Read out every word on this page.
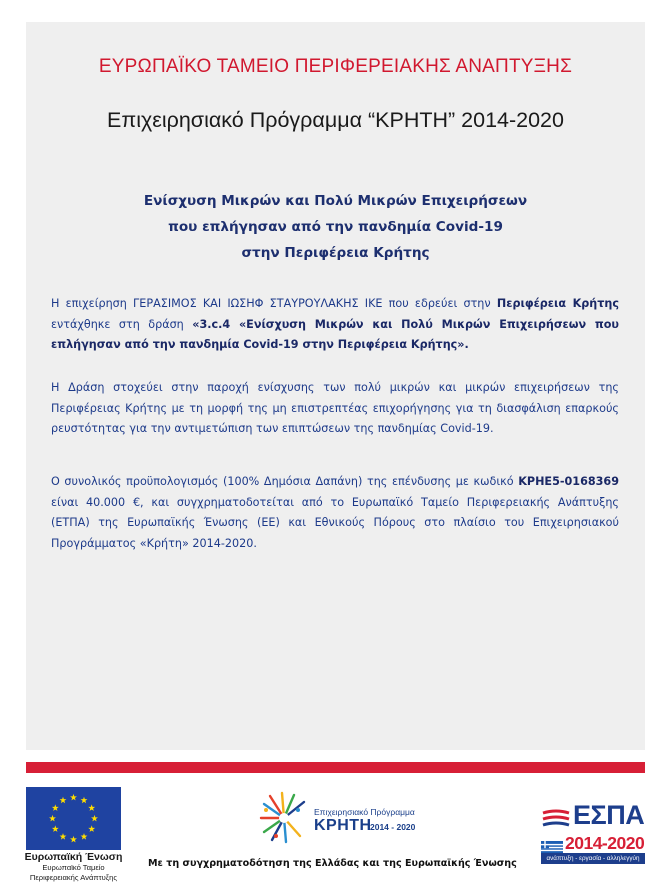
ΕΥΡΩΠΑΪΚΟ ΤΑΜΕΙΟ ΠΕΡΙΦΕΡΕΙΑΚΗΣ ΑΝΑΠΤΥΞΗΣ
Επιχειρησιακό Πρόγραμμα “ΚΡΗΤΗ” 2014-2020
Ενίσχυση Μικρών και Πολύ Μικρών Επιχειρήσεων
που επλήγησαν από την πανδημία Covid-19
στην Περιφέρεια Κρήτης
Η επιχείρηση ΓΕΡΑΣΙΜΟΣ ΚΑΙ ΙΩΣΗΦ ΣΤΑΥΡΟΥΛΑΚΗΣ ΙΚΕ που εδρεύει στην Περιφέρεια Κρήτης εντάχθηκε στη δράση «3.c.4 «Ενίσχυση Μικρών και Πολύ Μικρών Επιχειρήσεων που επλήγησαν από την πανδημία Covid-19 στην Περιφέρεια Κρήτης».
Η Δράση στοχεύει στην παροχή ενίσχυσης των πολύ μικρών και μικρών επιχειρήσεων της Περιφέρειας Κρήτης με τη μορφή της μη επιστρεπτέας επιχορήγησης για τη διασφάλιση επαρκούς ρευστότητας για την αντιμετώπιση των επιπτώσεων της πανδημίας Covid-19.
Ο συνολικός προϋπολογισμός (100% Δημόσια Δαπάνη) της επένδυσης με κωδικό ΚΡΗΕ5-0168369 είναι 40.000 €, και συγχρηματοδοτείται από το Ευρωπαϊκό Ταμείο Περιφερειακής Ανάπτυξης (ΕΤΠΑ) της Ευρωπαϊκής Ένωσης (ΕΕ) και Εθνικούς Πόρους στο πλαίσιο του Επιχειρησιακού Προγράμματος «Κρήτη» 2014-2020.
Ευρωπαϊκή Ένωση
Ευρωπαϊκό Ταμείο
Περιφερειακής Ανάπτυξης
Επιχειρησιακό Πρόγραμμα
ΚΡΗΤΗ
2014 - 2020
Με τη συγχρηματοδότηση της Ελλάδας και της Ευρωπαϊκής Ένωσης
ΕΣΠΑ
2014-2020
ανάπτυξη - εργασία - αλληλεγγύη
